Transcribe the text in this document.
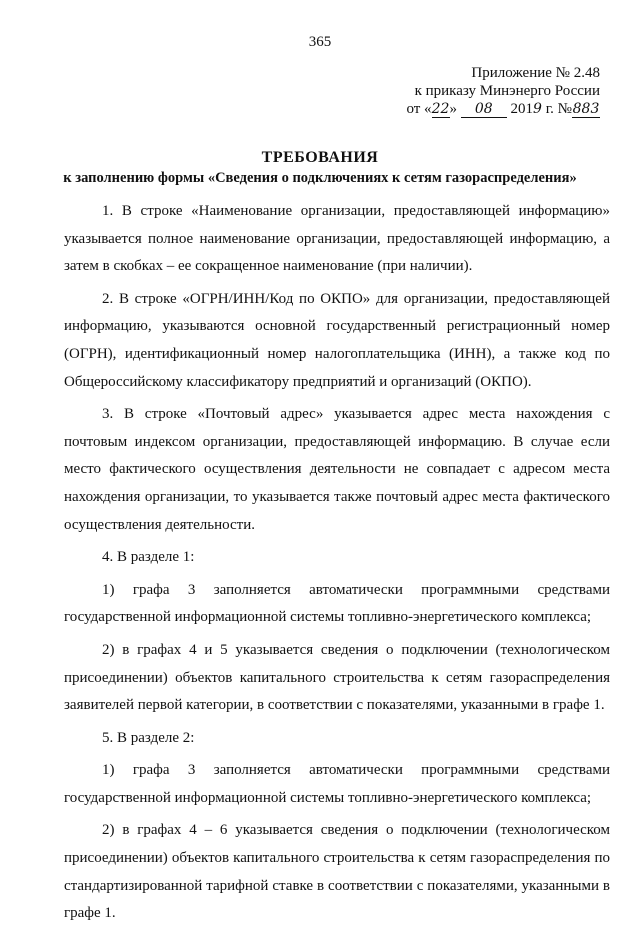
365
Приложение № 2.48
к приказу Минэнерго России
от «22» 08 2019 г. №883
ТРЕБОВАНИЯ
к заполнению формы «Сведения о подключениях к сетям газораспределения»

1. В строке «Наименование организации, предоставляющей информацию» указывается полное наименование организации, предоставляющей информацию, а затем в скобках – ее сокращенное наименование (при наличии).

2. В строке «ОГРН/ИНН/Код по ОКПО» для организации, предоставляющей информацию, указываются основной государственный регистрационный номер (ОГРН), идентификационный номер налогоплательщика (ИНН), а также код по Общероссийскому классификатору предприятий и организаций (ОКПО).

3. В строке «Почтовый адрес» указывается адрес места нахождения с почтовым индексом организации, предоставляющей информацию. В случае если место фактического осуществления деятельности не совпадает с адресом места нахождения организации, то указывается также почтовый адрес места фактического осуществления деятельности.

4. В разделе 1:

1) графа 3 заполняется автоматически программными средствами государственной информационной системы топливно-энергетического комплекса;

2) в графах 4 и 5 указывается сведения о подключении (технологическом присоединении) объектов капитального строительства к сетям газораспределения заявителей первой категории, в соответствии с показателями, указанными в графе 1.

5. В разделе 2:

1) графа 3 заполняется автоматически программными средствами государственной информационной системы топливно-энергетического комплекса;

2) в графах 4 – 6 указывается сведения о подключении (технологическом присоединении) объектов капитального строительства к сетям газораспределения по стандартизированной тарифной ставке в соответствии с показателями, указанными в графе 1.
